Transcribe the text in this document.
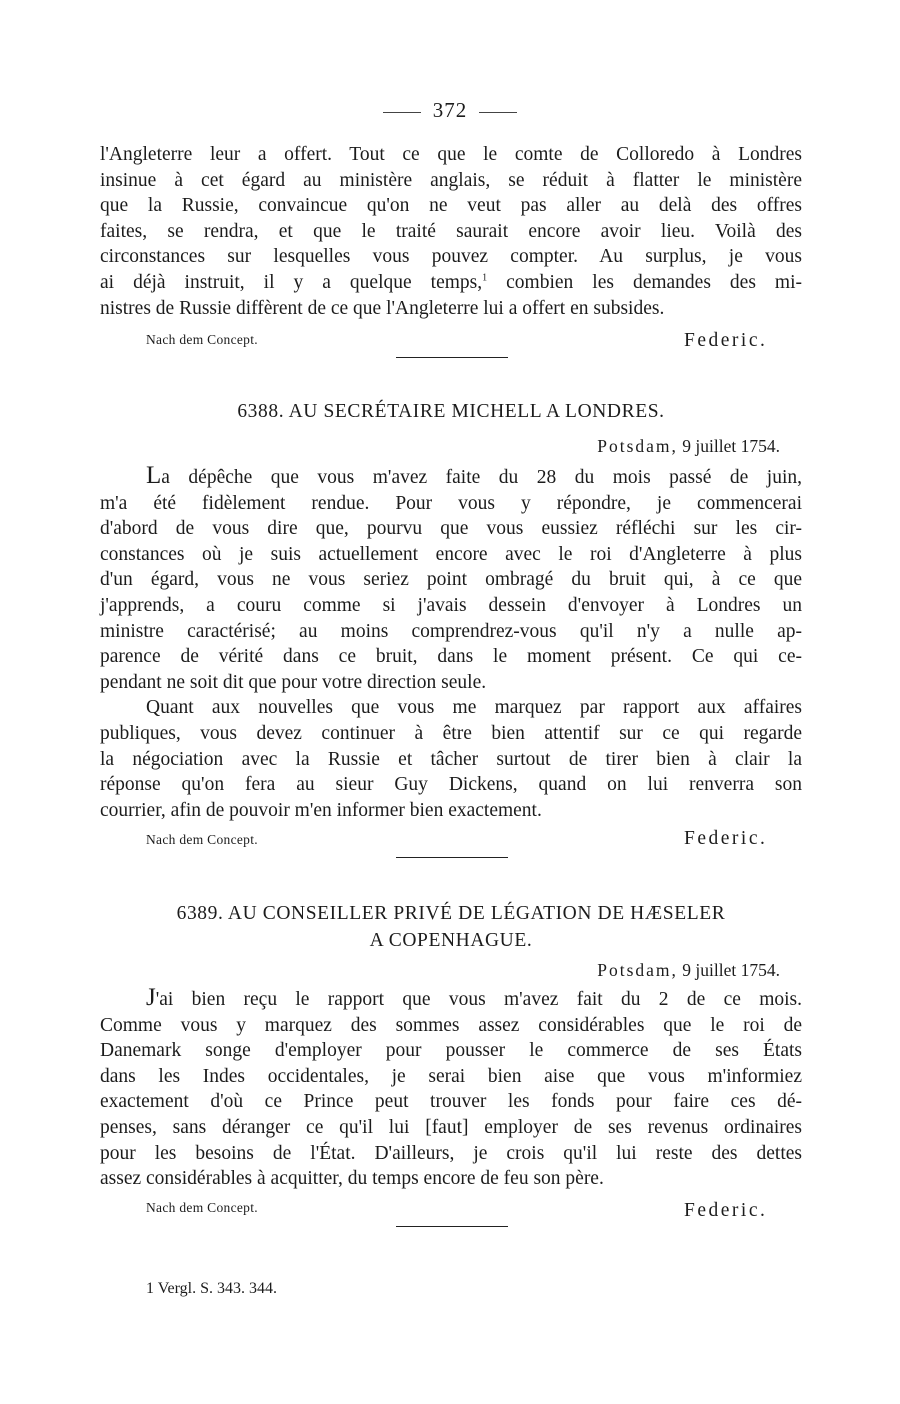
372
l'Angleterre leur a offert. Tout ce que le comte de Colloredo à Londres
insinue à cet égard au ministère anglais, se réduit à flatter le ministère
que la Russie, convaincue qu'on ne veut pas aller au delà des offres
faites, se rendra, et que le traité saurait encore avoir lieu. Voilà des
circonstances sur lesquelles vous pouvez compter. Au surplus, je vous
ai déjà instruit, il y a quelque temps,$^1$ combien les demandes des mi-
nistres de Russie diffèrent de ce que l'Angleterre lui a offert en subsides.
Nach dem Concept.	Federic.
6388. AU SECRÉTAIRE MICHELL A LONDRES.
Potsdam, 9 juillet 1754.
La dépêche que vous m'avez faite du 28 du mois passé de juin,
m'a été fidèlement rendue. Pour vous y répondre, je commencerai
d'abord de vous dire que, pourvu que vous eussiez réfléchi sur les cir-
constances où je suis actuellement encore avec le roi d'Angleterre à plus
d'un égard, vous ne vous seriez point ombragé du bruit qui, à ce que
j'apprends, a couru comme si j'avais dessein d'envoyer à Londres un
ministre caractérisé; au moins comprendrez-vous qu'il n'y a nulle ap-
parence de vérité dans ce bruit, dans le moment présent. Ce qui ce-
pendant ne soit dit que pour votre direction seule.
Quant aux nouvelles que vous me marquez par rapport aux affaires
publiques, vous devez continuer à être bien attentif sur ce qui regarde
la négociation avec la Russie et tâcher surtout de tirer bien à clair la
réponse qu'on fera au sieur Guy Dickens, quand on lui renverra son
courrier, afin de pouvoir m'en informer bien exactement.
Nach dem Concept.	Federic.
6389. AU CONSEILLER PRIVÉ DE LÉGATION DE HÆSELER
A COPENHAGUE.
Potsdam, 9 juillet 1754.
J'ai bien reçu le rapport que vous m'avez fait du 2 de ce mois.
Comme vous y marquez des sommes assez considérables que le roi de
Danemark songe d'employer pour pousser le commerce de ses États
dans les Indes occidentales, je serai bien aise que vous m'informiez
exactement d'où ce Prince peut trouver les fonds pour faire ces dé-
penses, sans déranger ce qu'il lui [faut] employer de ses revenus ordinaires
pour les besoins de l'État. D'ailleurs, je crois qu'il lui reste des dettes
assez considérables à acquitter, du temps encore de feu son père.
Nach dem Concept.	Federic.
1 Vergl. S. 343. 344.
